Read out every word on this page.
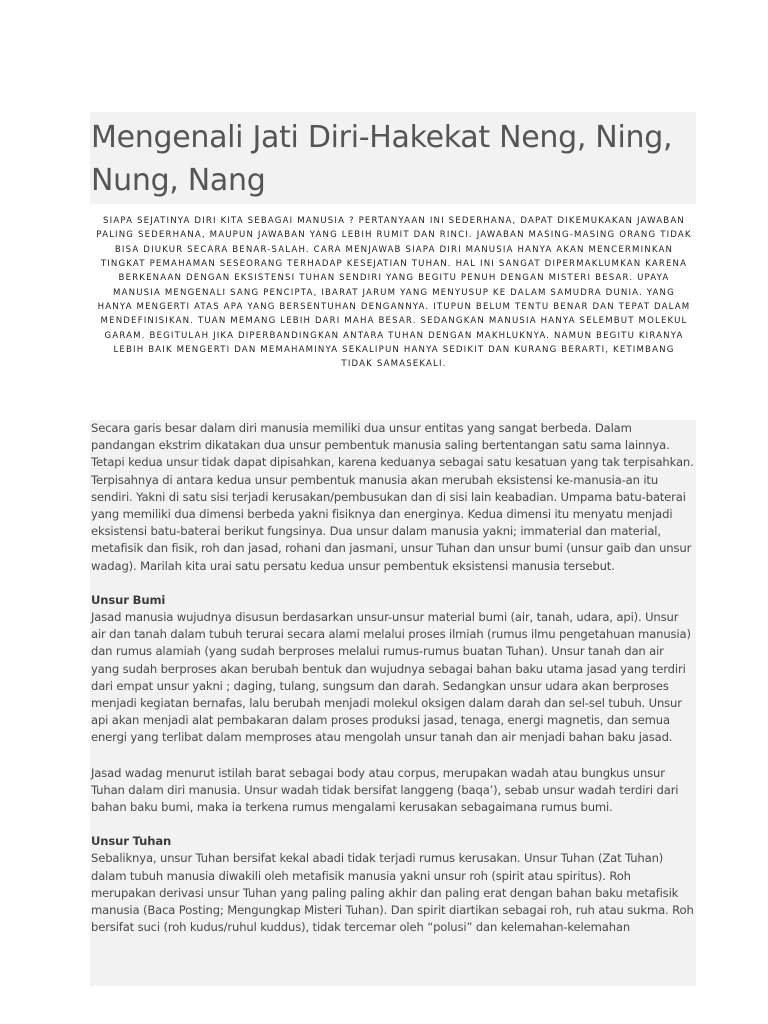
Mengenali Jati Diri-Hakekat Neng, Ning, Nung, Nang

SIAPA SEJATINYA DIRI KITA SEBAGAI MANUSIA ? PERTANYAAN INI SEDERHANA, DAPAT DIKEMUKAKAN JAWABAN PALING SEDERHANA, MAUPUN JAWABAN YANG LEBIH RUMIT DAN RINCI. JAWABAN MASING-MASING ORANG TIDAK BISA DIUKUR SECARA BENAR-SALAH. CARA MENJAWAB SIAPA DIRI MANUSIA HANYA AKAN MENCERMINKAN TINGKAT PEMAHAMAN SESEORANG TERHADAP KESEJATIAN TUHAN. HAL INI SANGAT DIPERMAKLUMKAN KARENA BERKENAAN DENGAN EKSISTENSI TUHAN SENDIRI YANG BEGITU PENUH DENGAN MISTERI BESAR. UPAYA MANUSIA MENGENALI SANG PENCIPTA, IBARAT JARUM YANG MENYUSUP KE DALAM SAMUDRA DUNIA. YANG HANYA MENGERTI ATAS APA YANG BERSENTUHAN DENGANNYA. ITUPUN BELUM TENTU BENAR DAN TEPAT DALAM MENDEFINISIKAN. TUAN MEMANG LEBIH DARI MAHA BESAR. SEDANGKAN MANUSIA HANYA SELEMBUT MOLEKUL GARAM. BEGITULAH JIKA DIPERBANDINGKAN ANTARA TUHAN DENGAN MAKHLUKNYA. NAMUN BEGITU KIRANYA LEBIH BAIK MENGERTI DAN MEMAHAMINYA SEKALIPUN HANYA SEDIKIT DAN KURANG BERARTI, KETIMBANG TIDAK SAMASEKALI.

Secara garis besar dalam diri manusia memiliki dua unsur entitas yang sangat berbeda. Dalam pandangan ekstrim dikatakan dua unsur pembentuk manusia saling bertentangan satu sama lainnya. Tetapi kedua unsur tidak dapat dipisahkan, karena keduanya sebagai satu kesatuan yang tak terpisahkan. Terpisahnya di antara kedua unsur pembentuk manusia akan merubah eksistensi ke-manusia-an itu sendiri. Yakni di satu sisi terjadi kerusakan/pembusukan dan di sisi lain keabadian. Umpama batu-baterai yang memiliki dua dimensi berbeda yakni fisiknya dan energinya. Kedua dimensi itu menyatu menjadi eksistensi batu-baterai berikut fungsinya. Dua unsur dalam manusia yakni; immaterial dan material, metafisik dan fisik, roh dan jasad, rohani dan jasmani, unsur Tuhan dan unsur bumi (unsur gaib dan unsur wadag). Marilah kita urai satu persatu kedua unsur pembentuk eksistensi manusia tersebut.

Unsur Bumi

Jasad manusia wujudnya disusun berdasarkan unsur-unsur material bumi (air, tanah, udara, api). Unsur air dan tanah dalam tubuh terurai secara alami melalui proses ilmiah (rumus ilmu pengetahuan manusia) dan rumus alamiah (yang sudah berproses melalui rumus-rumus buatan Tuhan). Unsur tanah dan air yang sudah berproses akan berubah bentuk dan wujudnya sebagai bahan baku utama jasad yang terdiri dari empat unsur yakni ; daging, tulang, sungsum dan darah. Sedangkan unsur udara akan berproses menjadi kegiatan bernafas, lalu berubah menjadi molekul oksigen dalam darah dan sel-sel tubuh. Unsur api akan menjadi alat pembakaran dalam proses produksi jasad, tenaga, energi magnetis, dan semua energi yang terlibat dalam memproses atau mengolah unsur tanah dan air menjadi bahan baku jasad.

Jasad wadag menurut istilah barat sebagai body atau corpus, merupakan wadah atau bungkus unsur Tuhan dalam diri manusia. Unsur wadah tidak bersifat langgeng (baqa’), sebab unsur wadah terdiri dari bahan baku bumi, maka ia terkena rumus mengalami kerusakan sebagaimana rumus bumi.

Unsur Tuhan

Sebaliknya, unsur Tuhan bersifat kekal abadi tidak terjadi rumus kerusakan. Unsur Tuhan (Zat Tuhan) dalam tubuh manusia diwakili oleh metafisik manusia yakni unsur roh (spirit atau spiritus). Roh merupakan derivasi unsur Tuhan yang paling paling akhir dan paling erat dengan bahan baku metafisik manusia (Baca Posting; Mengungkap Misteri Tuhan). Dan spirit diartikan sebagai roh, ruh atau sukma. Roh bersifat suci (roh kudus/ruhul kuddus), tidak tercemar oleh “polusi” dan kelemahan-kelemahan
